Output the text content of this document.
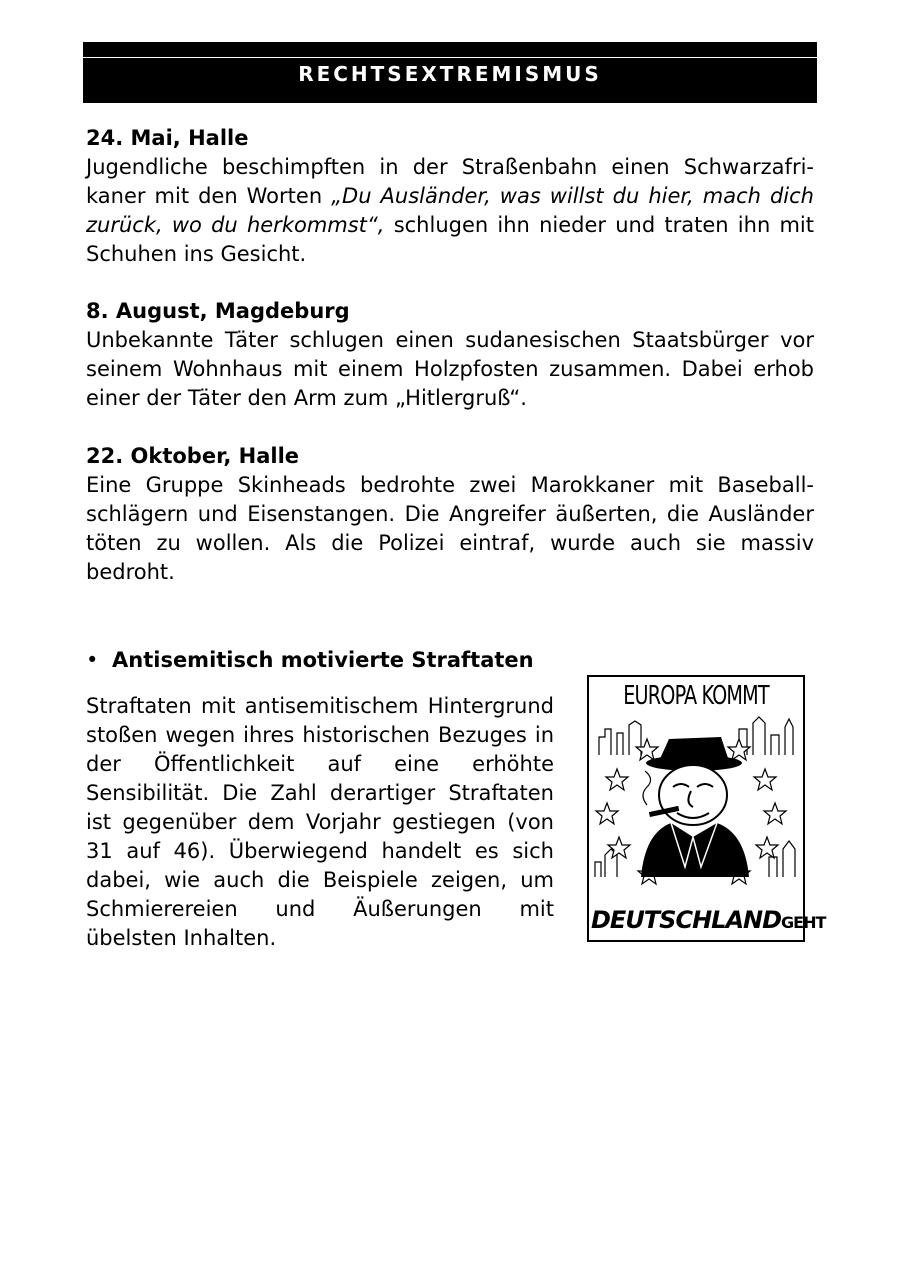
RECHTSEXTREMISMUS
24. Mai, Halle

Jugendliche beschimpften in der Straßenbahn einen Schwarzafrikaner mit den Worten „Du Ausländer, was willst du hier, mach dich zurück, wo du herkommst“, schlugen ihn nieder und traten ihn mit Schuhen ins Gesicht.

8. August, Magdeburg

Unbekannte Täter schlugen einen sudanesischen Staatsbürger vor seinem Wohnhaus mit einem Holzpfosten zusammen. Dabei erhob einer der Täter den Arm zum „Hitlergruß“.

22. Oktober, Halle

Eine Gruppe Skinheads bedrohte zwei Marokkaner mit Baseballschlägern und Eisenstangen. Die Angreifer äußerten, die Ausländer töten zu wollen. Als die Polizei eintraf, wurde auch sie massiv bedroht.

• Antisemitisch motivierte Straftaten

Straftaten mit antisemitischem Hintergrund stoßen wegen ihres historischen Bezuges in der Öffentlichkeit auf eine erhöhte Sensibilität. Die Zahl derartiger Straftaten ist gegenüber dem Vorjahr gestiegen (von 31 auf 46). Überwiegend handelt es sich dabei, wie auch die Beispiele zeigen, um Schmierereien und Äußerungen mit übelsten Inhalten.

EUROPA KOMMT
DEUTSCHLANDGEHT
